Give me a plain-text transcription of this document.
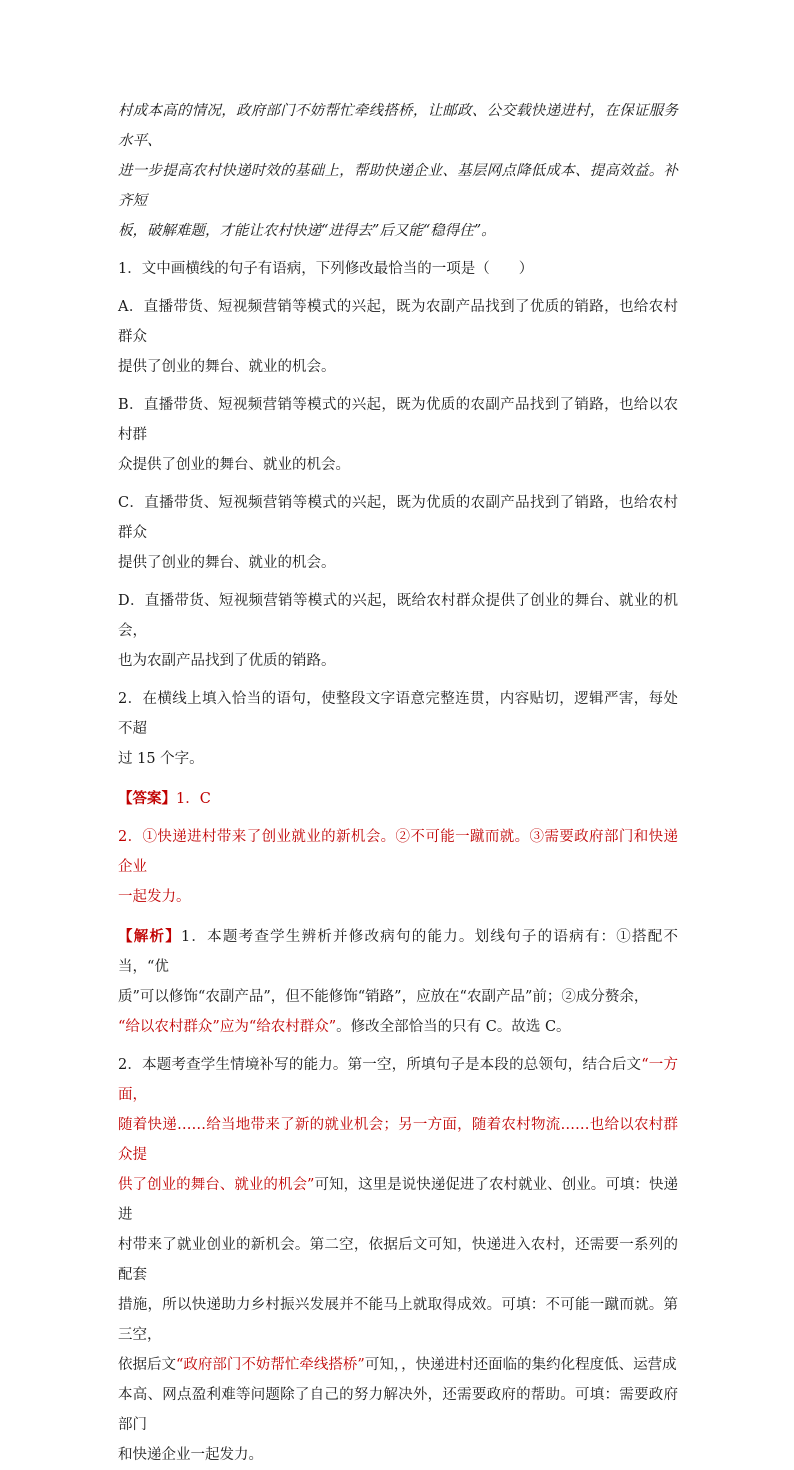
村成本高的情况，政府部门不妨帮忙牵线搭桥，让邮政、公交载快递进村，在保证服务水平、

进一步提高农村快递时效的基础上，帮助快递企业、基层网点降低成本、提高效益。补齐短

板，破解难题，才能让农村快递“进得去”后又能“稳得住”。

1．文中画横线的句子有语病，下列修改最恰当的一项是（　　）

A．直播带货、短视频营销等模式的兴起，既为农副产品找到了优质的销路，也给农村群众

提供了创业的舞台、就业的机会。

B．直播带货、短视频营销等模式的兴起，既为优质的农副产品找到了销路，也给以农村群

众提供了创业的舞台、就业的机会。

C．直播带货、短视频营销等模式的兴起，既为优质的农副产品找到了销路，也给农村群众

提供了创业的舞台、就业的机会。

D．直播带货、短视频营销等模式的兴起，既给农村群众提供了创业的舞台、就业的机会，

也为农副产品找到了优质的销路。

2．在横线上填入恰当的语句，使整段文字语意完整连贯，内容贴切，逻辑严害，每处不超

过 15 个字。

【答案】1．C

2．①快递进村带来了创业就业的新机会。②不可能一蹴而就。③需要政府部门和快递企业

一起发力。

【解析】1．本题考查学生辨析并修改病句的能力。划线句子的语病有：①搭配不当，“优

质”可以修饰“农副产品”，但不能修饰“销路”，应放在“农副产品”前；②成分赘余，

“给以农村群众”应为“给农村群众”。修改全部恰当的只有 C。故选 C。

2．本题考查学生情境补写的能力。第一空，所填句子是本段的总领句，结合后文“一方面，

随着快递……给当地带来了新的就业机会；另一方面，随着农村物流……也给以农村群众提

供了创业的舞台、就业的机会”可知，这里是说快递促进了农村就业、创业。可填：快递进

村带来了就业创业的新机会。第二空，依据后文可知，快递进入农村，还需要一系列的配套

措施，所以快递助力乡村振兴发展并不能马上就取得成效。可填：不可能一蹴而就。第三空，

依据后文“政府部门不妨帮忙牵线搭桥”可知，，快递进村还面临的集约化程度低、运营成

本高、网点盈利难等问题除了自己的努力解决外，还需要政府的帮助。可填：需要政府部门

和快递企业一起发力。
